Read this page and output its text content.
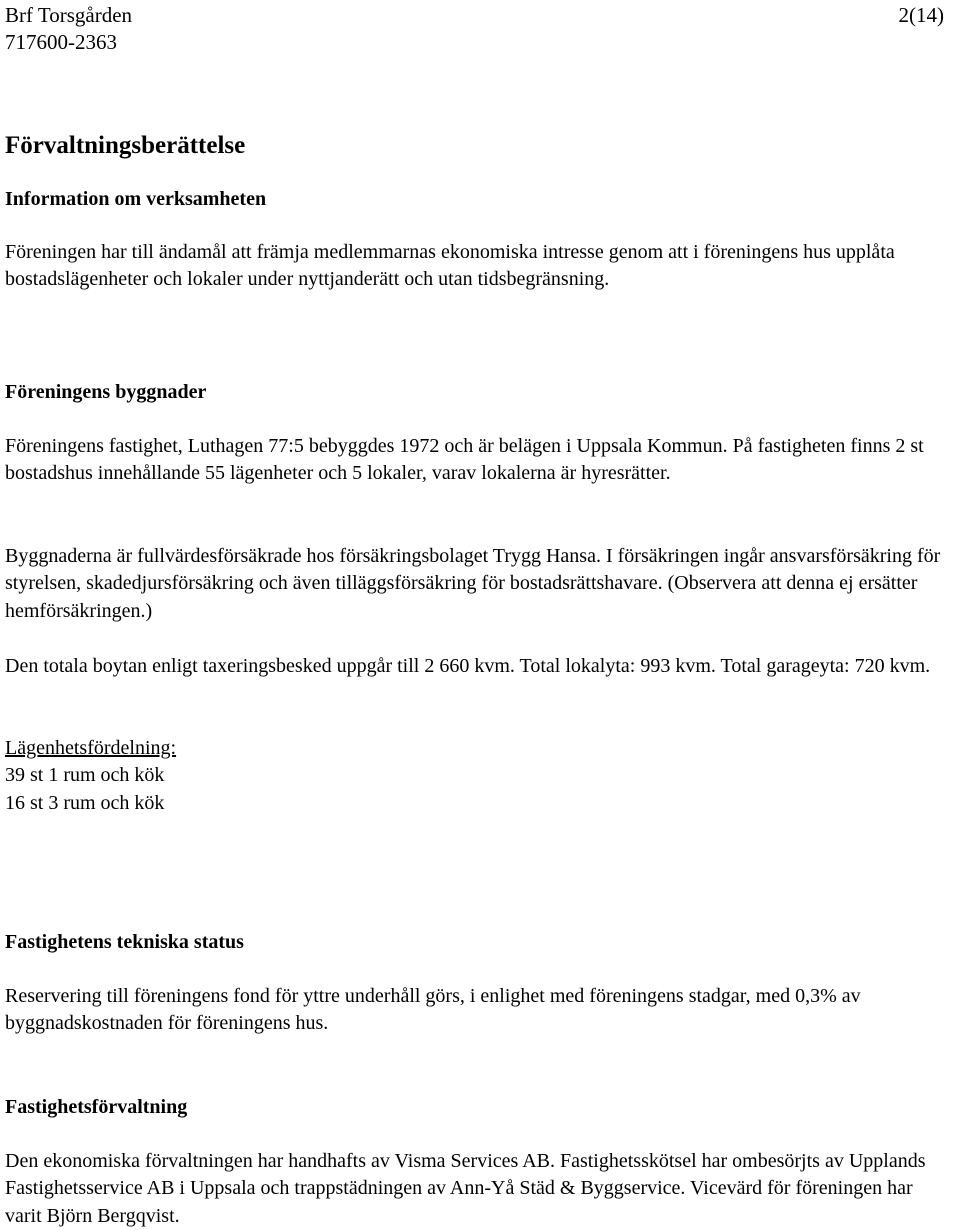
Brf Torsgården
717600-2363
2(14)
Förvaltningsberättelse
Information om verksamheten

Föreningen har till ändamål att främja medlemmarnas ekonomiska intresse genom att i föreningens hus upplåta bostadslägenheter och lokaler under nyttjanderätt och utan tidsbegränsning.

Föreningens byggnader

Föreningens fastighet, Luthagen 77:5 bebyggdes 1972 och är belägen i Uppsala Kommun. På fastigheten finns 2 st bostadshus innehållande 55 lägenheter och 5 lokaler, varav lokalerna är hyresrätter.

Byggnaderna är fullvärdesförsäkrade hos försäkringsbolaget Trygg Hansa. I försäkringen ingår ansvarsförsäkring för styrelsen, skadedjursförsäkring och även tilläggsförsäkring för bostadsrättshavare. (Observera att denna ej ersätter hemförsäkringen.)

Den totala boytan enligt taxeringsbesked uppgår till 2 660 kvm. Total lokalyta: 993 kvm. Total garageyta: 720 kvm.

Lägenhetsfördelning:
39 st 1 rum och kök
16 st 3 rum och kök
Fastighetens tekniska status

Reservering till föreningens fond för yttre underhåll görs, i enlighet med föreningens stadgar, med 0,3% av byggnadskostnaden för föreningens hus.

Fastighetsförvaltning

Den ekonomiska förvaltningen har handhafts av Visma Services AB. Fastighetsskötsel har ombesörjts av Upplands Fastighetsservice AB i Uppsala och trappstädningen av Ann-Yå Städ & Byggservice. Vicevärd för föreningen har varit Björn Bergqvist.
